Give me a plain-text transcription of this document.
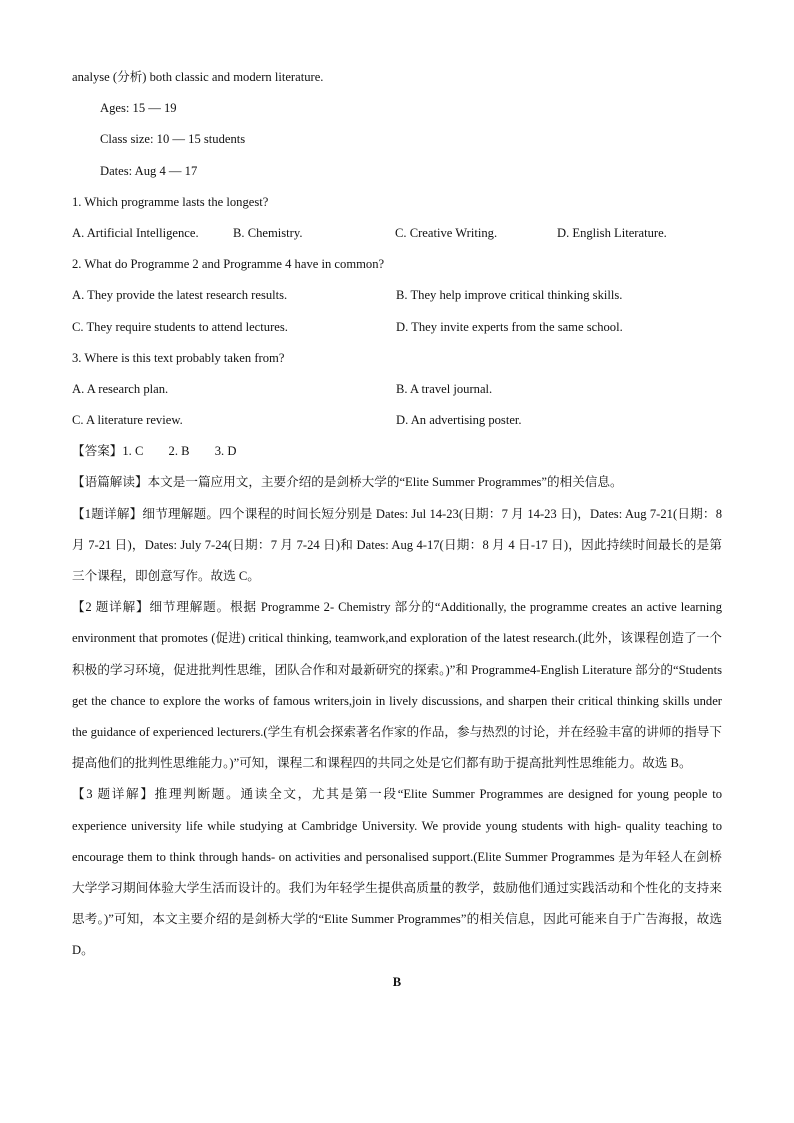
analyse (分析) both classic and modern literature.
Ages: 15 — 19
Class size: 10 — 15 students
Dates: Aug 4 — 17
1. Which programme lasts the longest?
A. Artificial Intelligence.	B. Chemistry.	C. Creative Writing.	D. English Literature.
2. What do Programme 2 and Programme 4 have in common?
A. They provide the latest research results.	B. They help improve critical thinking skills.
C. They require students to attend lectures.	D. They invite experts from the same school.
3. Where is this text probably taken from?
A. A research plan.	B. A travel journal.
C. A literature review.	D. An advertising poster.
【答案】1. C        2. B        3. D
【语篇解读】本文是一篇应用文，主要介绍的是剑桥大学的“Elite Summer Programmes”的相关信息。
【1题详解】细节理解题。四个课程的时间长短分别是 Dates: Jul 14-23(日期：7 月 14-23 日)，Dates: Aug 7-21(日期：8 月 7-21 日)，Dates: July 7-24(日期：7 月 7-24 日)和 Dates: Aug 4-17(日期：8 月 4 日-17 日)，因此持续时间最长的是第三个课程，即创意写作。故选 C。
【2 题详解】细节理解题。根据 Programme 2- Chemistry 部分的“Additionally, the programme creates an active learning environment that promotes (促进) critical thinking, teamwork,and exploration of the latest research.(此外，该课程创造了一个积极的学习环境，促进批判性思维，团队合作和对最新研究的探索。)”和 Programme4-English Literature 部分的“Students get the chance to explore the works of famous writers,join in lively discussions, and sharpen their critical thinking skills under the guidance of experienced lecturers.(学生有机会探索著名作家的作品，参与热烈的讨论，并在经验丰富的讲师的指导下提高他们的批判性思维能力。)”可知，课程二和课程四的共同之处是它们都有助于提高批判性思维能力。故选 B。
【3 题详解】推理判断题。通读全文，尤其是第一段“Elite Summer Programmes are designed for young people to experience university life while studying at Cambridge University. We provide young students with high- quality teaching to encourage them to think through hands- on activities and personalised support.(Elite Summer Programmes 是为年轻人在剑桥大学学习期间体验大学生活而设计的。我们为年轻学生提供高质量的教学，鼓励他们通过实践活动和个性化的支持来思考。)”可知，本文主要介绍的是剑桥大学的“Elite Summer Programmes”的相关信息，因此可能来自于广告海报，故选 D。
B
